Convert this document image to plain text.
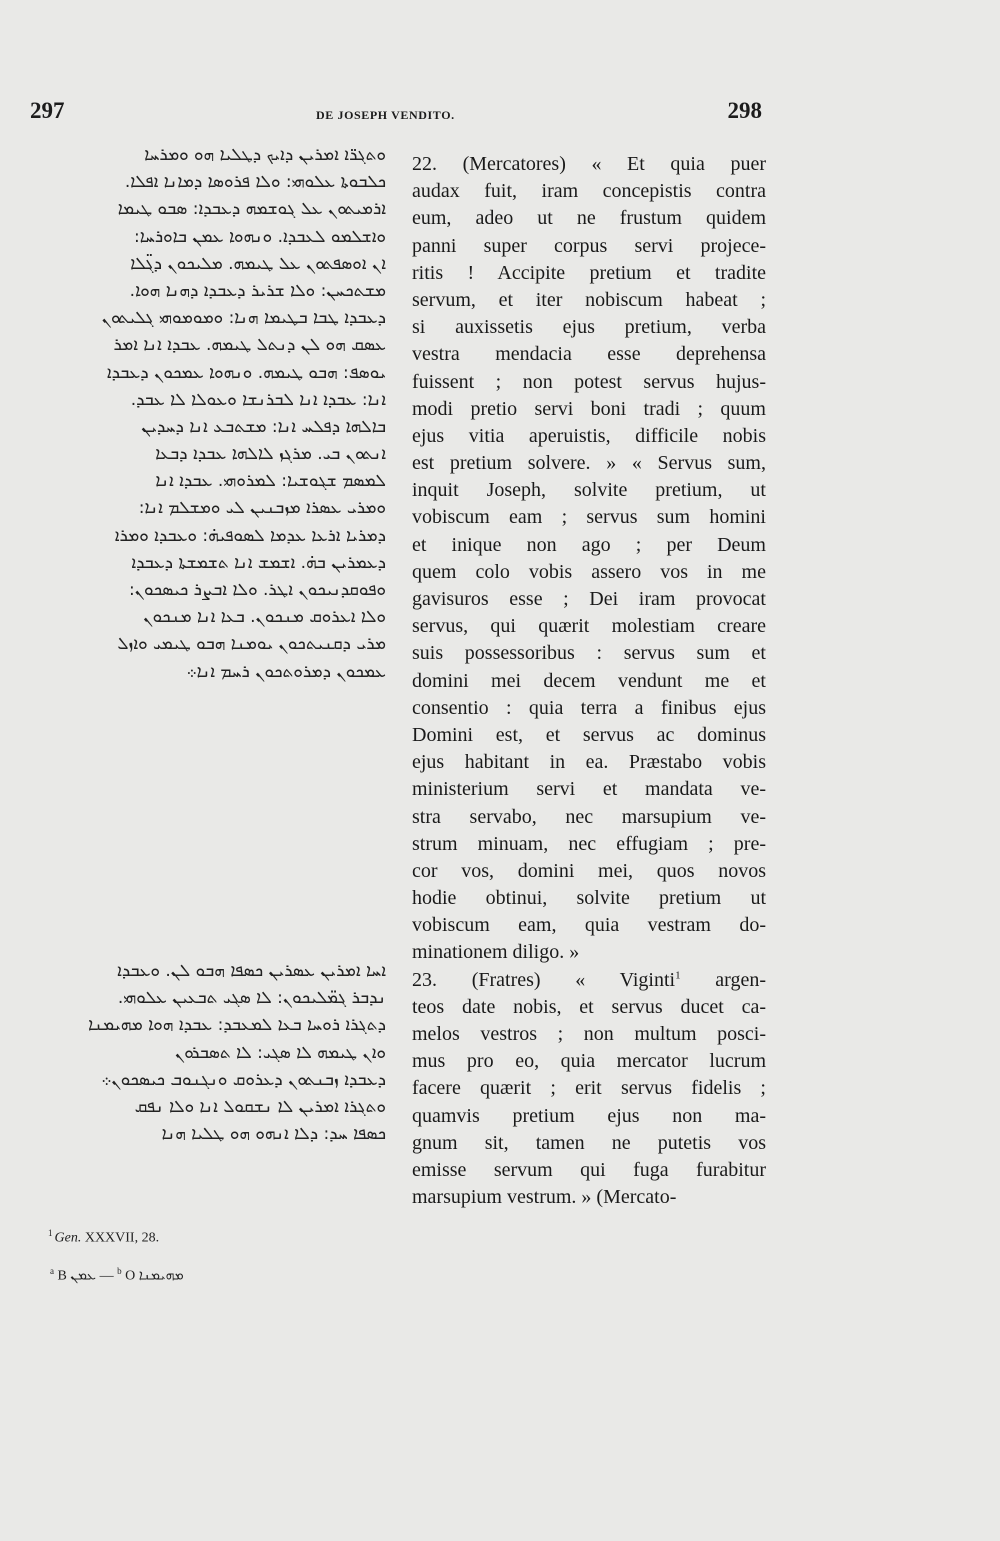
297	DE JOSEPH VENDITO.	298
ܘܬܓܪ̈ܐ ܐܡܪܝܢ ܕܐܝܟ ܕܛܠܝܐ ܗܘ ܘܡܪܚܐ
ܟܠܒܘܬܐ ܥܠܘܗܝ: ܘܠܐ ܦܪܘܣܐ ܕܡܐܢܐ ܐܦܠܐ.
ܐܪܡܝܬܘܢ ܥܠ ܓܘܫܡܗ ܕܥܒܕܐ: ܣܒܘ ܛܝܡܐ
ܘܐܫܠܡܘ ܠܥܒܕܐ. ܘܢܗܘܐ ܥܡܢ ܒܐܘܪܚܐ:
ܐܢ ܐܘܣܦܬܘܢ ܥܠ ܛܝܡܗ. ܡܠܝܟܘܢ ܕܓ̈ܠܐ
ܡܫܬܟܚܢ: ܘܠܐ ܫܪܝܪ ܕܥܒܕܐ ܕܗܢܐ ܗܘܐ.
ܕܥܒܕܐ ܛܒܐ ܒܛܝܡܐ ܗܢܐ: ܘܡܘܡܘܗܝ ܓܠܝܬܘܢ
ܥܣܩ ܗܘ ܠܢ ܕܢܬܠ ܛܝܡܗ. ܥܒܕܐ ܐܢܐ ܐܡܪ
ܝܘܣܦ: ܗܒܘ ܛܝܡܗ. ܘܢܗܘܐ ܥܡܟܘܢ ܕܥܒܕܐ
ܐܢܐ: ܥܒܕܐ ܐܢܐ ܠܒܪܢܫܐ ܘܥܘܠܐ ܠܐ ܥܒܕ.
ܒܐܠܗܐ ܕܦܠܚ ܐܢܐ: ܡܫܬܒܥ ܐܢܐ ܕܚܕܝܢ
ܐܢܬܘܢ ܒܝ. ܡܪܓܙ ܠܐܠܗܐ ܥܒܕܐ ܕܒܥܐ
ܠܡܣܡ ܫܓܘܫܝܐ: ܠܡܪܘܗܝ. ܥܒܕܐ ܐܢܐ
ܘܡܪܝ ܥܣܪܐ ܡܙܒܢܝܢ ܠܝ ܘܡܫܠܡ ܐܢܐ:
ܕܡܪܝܐ ܐܪܥܐ ܥܕܡܐ ܠܣܘܦܝܗ̇: ܘܥܒܕܐ ܘܡܪܐ
ܕܥܡܪܝܢ ܒܗ̇. ܐܫܡܫ ܐܢܐ ܬܫܡܫܬܐ ܕܥܒܕܐ
ܘܦܘܩܕܢܝܟܘܢ ܐܛܪ. ܘܠܐ ܐܒܨܪ ܟܝܣܟܘܢ:
ܘܠܐ ܐܥܪܘܩ ܡܢܟܘܢ. ܒܥܐ ܐܢܐ ܡܢܟܘܢ
ܡܪܝ ܕܩܢܝܬܟܘܢ ܝܘܡܢܐ ܗܒܘ ܛܝܡܝ ܘܐܙܠ
ܥܡܟܘܢ ܕܡܪܘܬܟܘܢ ܪܚܡ ܐܢܐ܀
ܐܚܐ ܐܡܪܝܢ ܥܣܪܝܢ ܟܣܦܐ ܗܒܘ ܠܢ. ܘܥܒܕܐ
ܢܕܒܪ ܓܡ̈ܠܝܟܘܢ: ܠܐ ܣܓܝ ܬܒܥܝܢ ܥܠܘܗܝ.
ܕܬܓܪܐ ܪܘܚܐ ܒܥܐ ܠܡܥܒܕ: ܥܒܕܐ ܗܘܐ ܡܗܝܡܢܐ
ܘܐܢ ܛܝܡܗ ܠܐ ܣܓܝ: ܠܐ ܬܣܒܪܘܢ
ܕܥܒܕܐ ܙܒܢܬܘܢ ܕܥܪܘܩ ܘܢܓܢܘܒ ܟܝܣܟܘܢ܀
ܘܬܓܪܐ ܐܡܪܝܢ ܠܐ ܢܫܩܘܠ ܐܢܐ ܘܠܐ ܢܦܩ
ܟܣܦܐ ܚܕ: ܕܠܐ ܐܢܗܘ ܗܘ ܛܠܝܐ ܗܢܐ
$^1$ Gen. XXXVII, 28.
$^a$ B ܥܡܢ — $^b$ O ܡܗܝܡܢܐ
22. (Mercatores) « Et quia puer
audax fuit, iram concepistis contra
eum, adeo ut ne frustum quidem
panni super corpus servi projece-
ritis ! Accipite pretium et tradite
servum, et iter nobiscum habeat ;
si auxissetis ejus pretium, verba
vestra mendacia esse deprehensa
fuissent ; non potest servus hujus-
modi pretio servi boni tradi ; quum
ejus vitia aperuistis, difficile nobis
est pretium solvere. » « Servus sum,
inquit Joseph, solvite pretium, ut
vobiscum eam ; servus sum homini
et inique non ago ; per Deum
quem colo vobis assero vos in me
gavisuros esse ; Dei iram provocat
servus, qui quærit molestiam creare
suis possessoribus : servus sum et
domini mei decem vendunt me et
consentio : quia terra a finibus ejus
Domini est, et servus ac dominus
ejus habitant in ea. Præstabo vobis
ministerium servi et mandata ve-
stra servabo, nec marsupium ve-
strum minuam, nec effugiam ; pre-
cor vos, domini mei, quos novos
hodie obtinui, solvite pretium ut
vobiscum eam, quia vestram do-
minationem diligo. »
23. (Fratres) « Viginti$^1$ argen-
teos date nobis, et servus ducet ca-
melos vestros ; non multum posci-
mus pro eo, quia mercator lucrum
facere quærit ; erit servus fidelis ;
quamvis pretium ejus non ma-
gnum sit, tamen ne putetis vos
emisse servum qui fuga furabitur
marsupium vestrum. » (Mercato-
